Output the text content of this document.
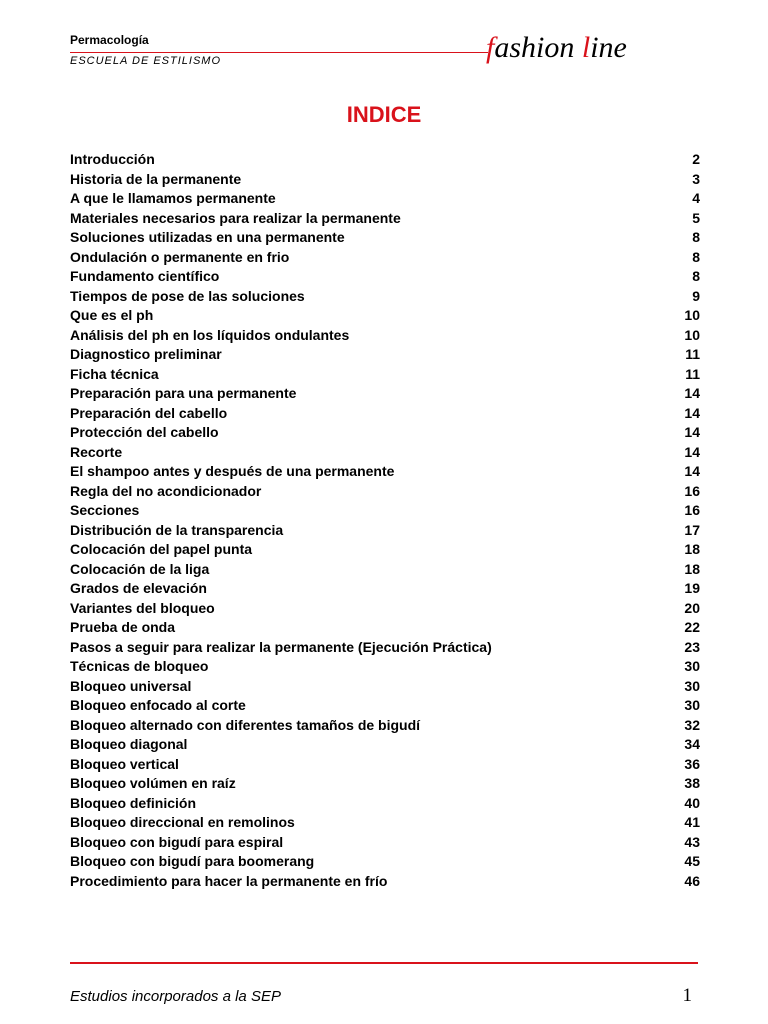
Permacología
ESCUELA DE ESTILISMO	fashion line
INDICE
Introducción	2
Historia de la permanente	3
A que le llamamos permanente	4
Materiales necesarios para realizar la permanente	5
Soluciones utilizadas en una permanente	8
Ondulación o permanente en frio	8
Fundamento científico	8
Tiempos de pose de las soluciones	9
Que es el ph	10
Análisis del ph en los líquidos ondulantes	10
Diagnostico preliminar	11
Ficha técnica	11
Preparación para una permanente	14
Preparación del cabello	14
Protección del cabello	14
Recorte	14
El shampoo antes y después de una permanente	14
Regla del no acondicionador	16
Secciones	16
Distribución de la transparencia	17
Colocación del papel punta	18
Colocación de la liga	18
Grados de elevación	19
Variantes del bloqueo	20
Prueba de onda	22
Pasos a seguir para realizar la permanente (Ejecución Práctica)	23
Técnicas de bloqueo	30
Bloqueo universal	30
Bloqueo enfocado al corte	30
Bloqueo alternado con diferentes tamaños de bigudí	32
Bloqueo diagonal	34
Bloqueo vertical	36
Bloqueo volúmen en raíz	38
Bloqueo definición	40
Bloqueo direccional en remolinos	41
Bloqueo con bigudí para espiral	43
Bloqueo con bigudí para boomerang	45
Procedimiento para hacer la permanente en frío	46
Estudios incorporados a la SEP	1
